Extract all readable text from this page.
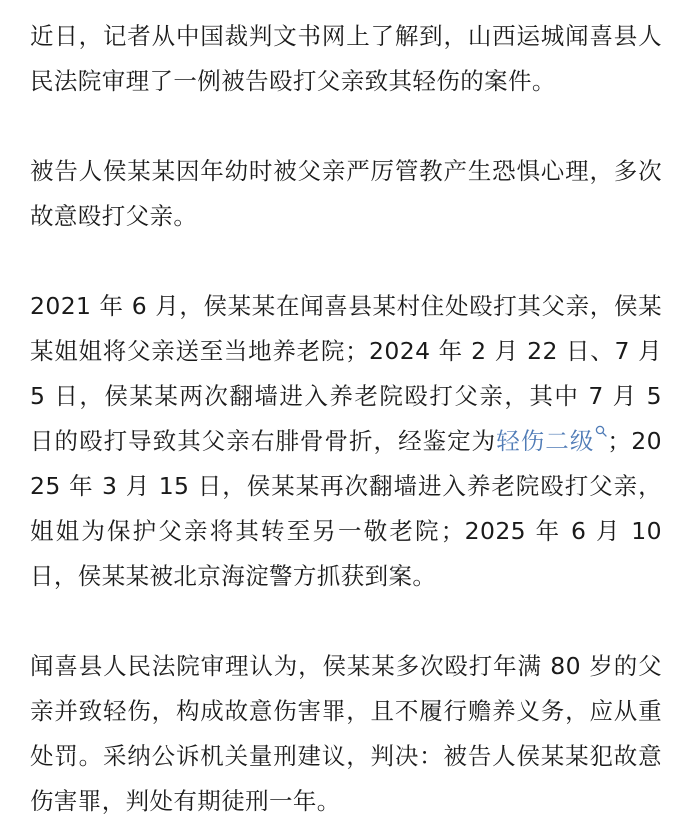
近日，记者从中国裁判文书网上了解到，山西运城闻喜县人民法院审理了一例被告殴打父亲致其轻伤的案件。

被告人侯某某因年幼时被父亲严厉管教产生恐惧心理，多次故意殴打父亲。

2021 年 6 月，侯某某在闻喜县某村住处殴打其父亲，侯某某姐姐将父亲送至当地养老院；2024 年 2 月 22 日、7 月 5 日，侯某某两次翻墙进入养老院殴打父亲，其中 7 月 5 日的殴打导致其父亲右腓骨骨折，经鉴定为轻伤二级 ；2025 年 3 月 15 日，侯某某再次翻墙进入养老院殴打父亲，姐姐为保护父亲将其转至另一敬老院；2025 年 6 月 10 日，侯某某被北京海淀警方抓获到案。

闻喜县人民法院审理认为，侯某某多次殴打年满 80 岁的父亲并致轻伤，构成故意伤害罪，且不履行赡养义务，应从重处罚。采纳公诉机关量刑建议，判决：被告人侯某某犯故意伤害罪，判处有期徒刑一年。
